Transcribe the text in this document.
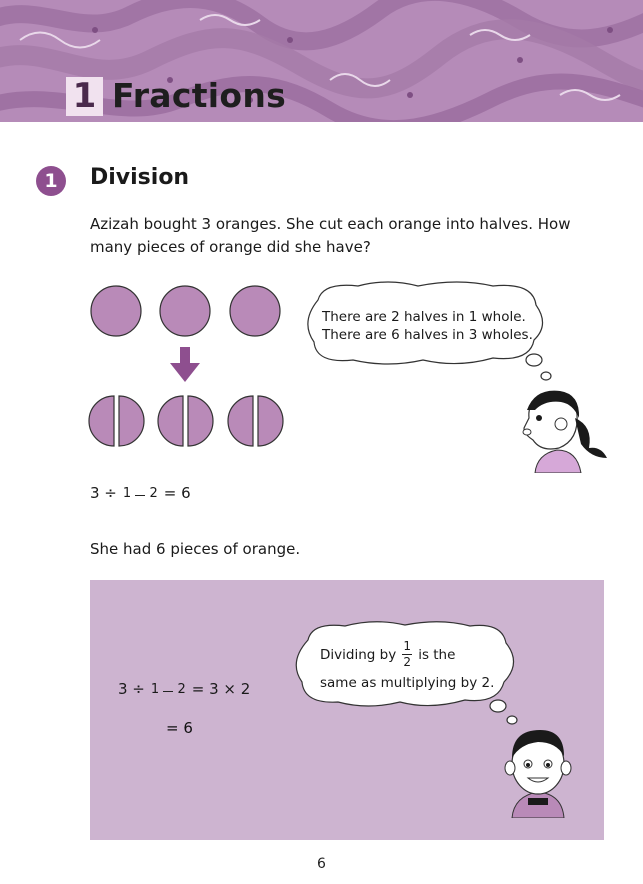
1 Fractions
1	Division
Azizah bought 3 oranges. She cut each orange into halves. How many pieces of orange did she have?
There are 2 halves in 1 whole.
There are 6 halves in 3 wholes.
3 ÷ 1 2 = 6
She had 6 pieces of orange.
3 ÷ 1 2 = 3 × 2
= 6
Dividing by $\frac{1}{2}$ is the
same as multiplying by 2.
6
